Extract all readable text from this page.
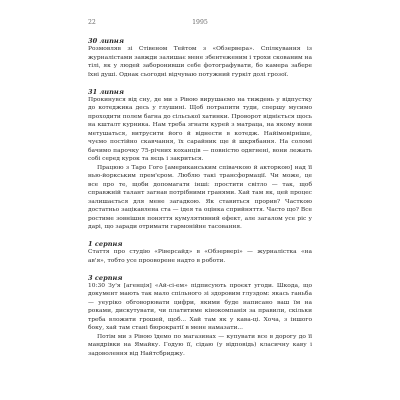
22	1995
30 липня

Розмовляв зі Стівеном Тейтом з «Обзервера». Спілкування із журналістами завжди залишає мене збентеженим і трохи скованим на тілі, як у людей заборонивши себе фотографувати, бо камера забере їхні душі. Однак сьогодні відчуваю потужний гуркіт долі грозої.

31 липня

Прокинувся від сну, де ми з Рівою вирушаємо на тиждень у відпустку до котеджика десь у глушині. Щоб потрапити туди, спершу мусимо проходити полем багна до сільської хатинки. Проворот відніється щось на кшталт курника. Нам треба згнати курей з матраца, на якому вони метушаться, витрусити його й віднести в котедж. Найімовірніше, чуємо постійно скавчання, їх сарайник ще й шкрябання. На соломі бачимо парочку 75-річних коханців — повністю одягнені, вони лежать собі серед курок та яєць і закриться.

Працюю з Таро Гого [американським співачкою й акторкою] над її нью-йоркським прем'єром. Люблю такі трансформації. Чи може, це все про те, щоби допомагати інші: простити світло — так, щоб справжній талант загнав потрібними гранями. Хай там як, цей процес залишається для мене загадкою. Як ставиться прорив? Часткою достатньо зацікавлена ста — ідея та оцінка сприйняття. Часто що? Все ростиме зовнішня поняття кумулятивний ефект, але загалом усе ріс у дарі, що заради отримати гармонійне тасовання.

1 серпня

Стаття про студію «Ріверсайд» в «Обзервері» — журналістка «на ав'я», тобто усе прооворене надто в роботи.

3 серпня

10:30 Зу'я [агенція] «Ай-сі-ем» підписують проєкт угоди. Шкода, що документ мають так мало спільного зі здоровим глуздом: якась ганьба — уеуріко обговорювати цифри, якими буде написано ваш їм на роками, дискутувати, чи платитиме кінокомпанія за правили, скільки треба вложити грошей, щоб... Хай там як у кава-ці. Хоча, з іншого боку, хай там стані бюрократії в мене намазати...

Потім ми з Рівою їдемо по магазинах — купувати все в дорогу до її мандрівки на Ямайку. Годую її, сідаю (у відповідь) класичну каву і задоволення від Найтсбриджу.
